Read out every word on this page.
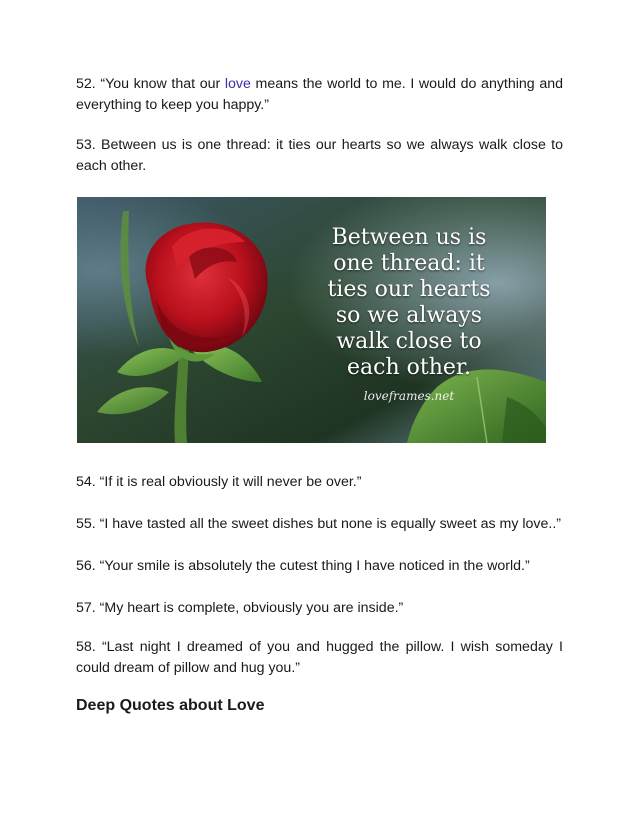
52. “You know that our love means the world to me. I would do anything and everything to keep you happy.”

53. Between us is one thread: it ties our hearts so we always walk close to each other.

Between us is
one thread: it
ties our hearts
so we always
walk close to
each other.
loveframes.net

54. “If it is real obviously it will never be over.”

55. “I have tasted all the sweet dishes but none is equally sweet as my love..”

56. “Your smile is absolutely the cutest thing I have noticed in the world.”

57. “My heart is complete, obviously you are inside.”

58. “Last night I dreamed of you and hugged the pillow. I wish someday I could dream of pillow and hug you.”

Deep Quotes about Love
